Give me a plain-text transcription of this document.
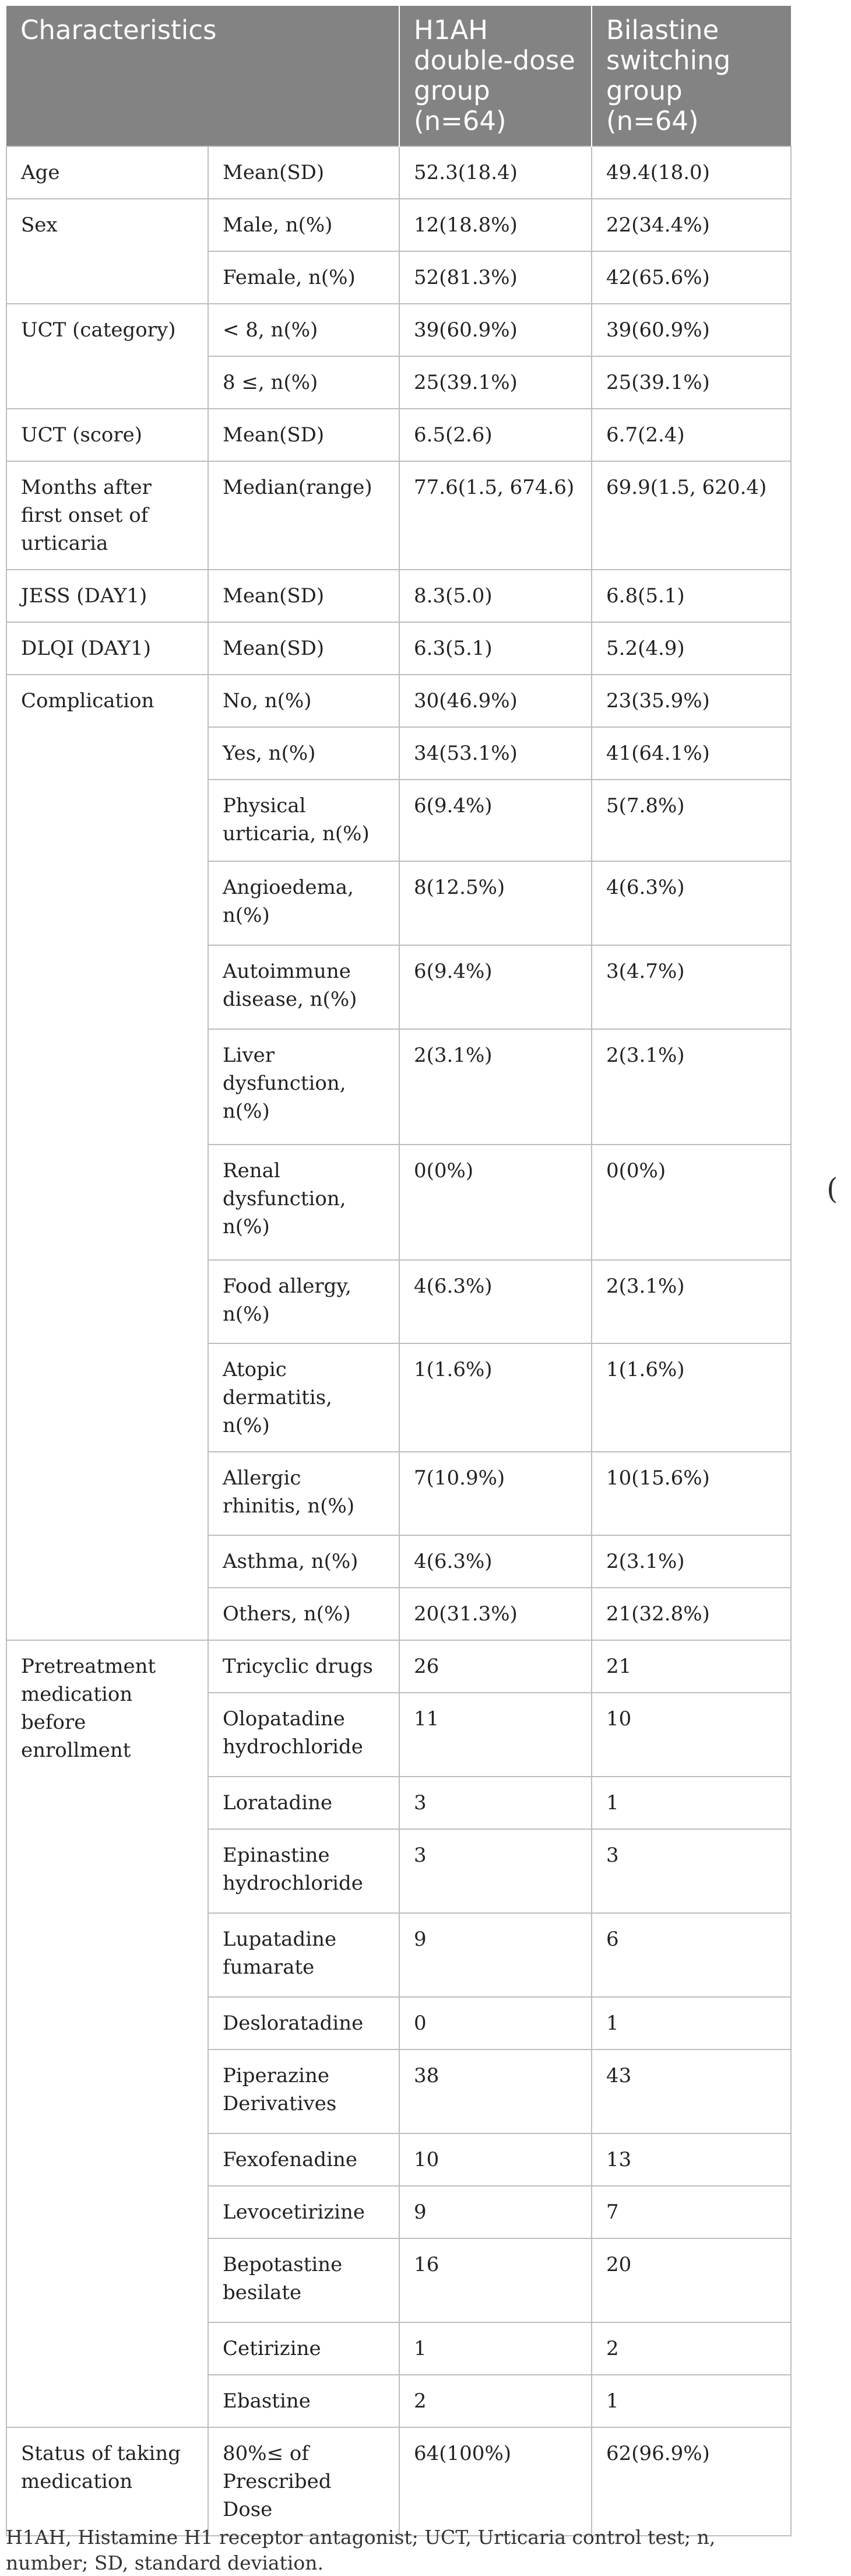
Characteristics		H1AH double-dose group (n=64)	Bilastine switching group (n=64)
Age	Mean(SD)	52.3(18.4)	49.4(18.0)
Sex	Male, n(%)	12(18.8%)	22(34.4%)
	Female, n(%)	52(81.3%)	42(65.6%)
UCT (category)	< 8, n(%)	39(60.9%)	39(60.9%)
	8 ≤, n(%)	25(39.1%)	25(39.1%)
UCT (score)	Mean(SD)	6.5(2.6)	6.7(2.4)
Months after first onset of urticaria	Median(range)	77.6(1.5, 674.6)	69.9(1.5, 620.4)
JESS (DAY1)	Mean(SD)	8.3(5.0)	6.8(5.1)
DLQI (DAY1)	Mean(SD)	6.3(5.1)	5.2(4.9)
Complication	No, n(%)	30(46.9%)	23(35.9%)
	Yes, n(%)	34(53.1%)	41(64.1%)
	Physical urticaria, n(%)	6(9.4%)	5(7.8%)
	Angioedema, n(%)	8(12.5%)	4(6.3%)
	Autoimmune disease, n(%)	6(9.4%)	3(4.7%)
	Liver dysfunction, n(%)	2(3.1%)	2(3.1%)
	Renal dysfunction, n(%)	0(0%)	0(0%)
	Food allergy, n(%)	4(6.3%)	2(3.1%)
	Atopic dermatitis, n(%)	1(1.6%)	1(1.6%)
	Allergic rhinitis, n(%)	7(10.9%)	10(15.6%)
	Asthma, n(%)	4(6.3%)	2(3.1%)
	Others, n(%)	20(31.3%)	21(32.8%)
Pretreatment medication before enrollment	Tricyclic drugs	26	21
	Olopatadine hydrochloride	11	10
	Loratadine	3	1
	Epinastine hydrochloride	3	3
	Lupatadine fumarate	9	6
	Desloratadine	0	1
	Piperazine Derivatives	38	43
	Fexofenadine	10	13
	Levocetirizine	9	7
	Bepotastine besilate	16	20
	Cetirizine	1	2
	Ebastine	2	1
Status of taking medication	80%≤ of Prescribed Dose	64(100%)	62(96.9%)
H1AH, Histamine H1 receptor antagonist; UCT, Urticaria control test; n, number; SD, standard deviation.
(
